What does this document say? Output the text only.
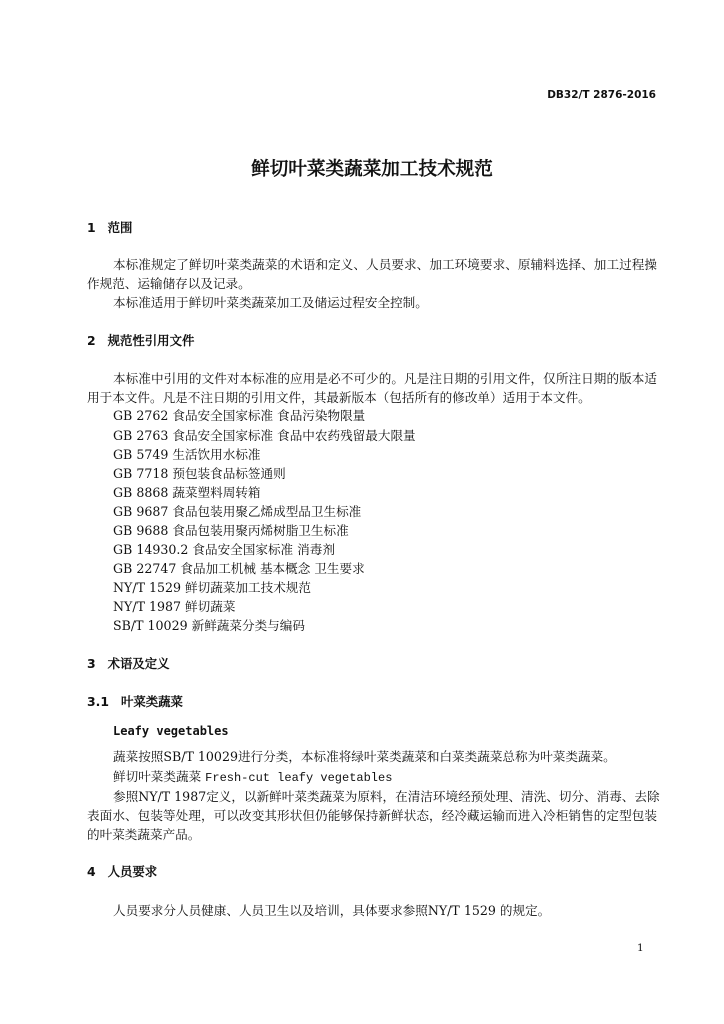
DB32/T 2876-2016
鲜切叶菜类蔬菜加工技术规范
1 范围
本标准规定了鲜切叶菜类蔬菜的术语和定义、人员要求、加工环境要求、原辅料选择、加工过程操
作规范、运输储存以及记录。
本标准适用于鲜切叶菜类蔬菜加工及储运过程安全控制。
2 规范性引用文件
本标准中引用的文件对本标准的应用是必不可少的。凡是注日期的引用文件，仅所注日期的版本适
用于本文件。凡是不注日期的引用文件，其最新版本（包括所有的修改单）适用于本文件。
GB 2762 食品安全国家标准 食品污染物限量
GB 2763 食品安全国家标准 食品中农药残留最大限量
GB 5749 生活饮用水标准
GB 7718 预包装食品标签通则
GB 8868 蔬菜塑料周转箱
GB 9687 食品包装用聚乙烯成型品卫生标准
GB 9688 食品包装用聚丙烯树脂卫生标准
GB 14930.2 食品安全国家标准 消毒剂
GB 22747 食品加工机械 基本概念 卫生要求
NY/T 1529 鲜切蔬菜加工技术规范
NY/T 1987 鲜切蔬菜
SB/T 10029 新鲜蔬菜分类与编码
3 术语及定义
3.1 叶菜类蔬菜
Leafy vegetables
蔬菜按照SB/T 10029进行分类，本标准将绿叶菜类蔬菜和白菜类蔬菜总称为叶菜类蔬菜。
鲜切叶菜类蔬菜 Fresh-cut leafy vegetables
参照NY/T 1987定义，以新鲜叶菜类蔬菜为原料，在清洁环境经预处理、清洗、切分、消毒、去除
表面水、包装等处理，可以改变其形状但仍能够保持新鲜状态，经冷藏运输而进入冷柜销售的定型包装
的叶菜类蔬菜产品。
4 人员要求
人员要求分人员健康、人员卫生以及培训，具体要求参照NY/T 1529 的规定。
1
